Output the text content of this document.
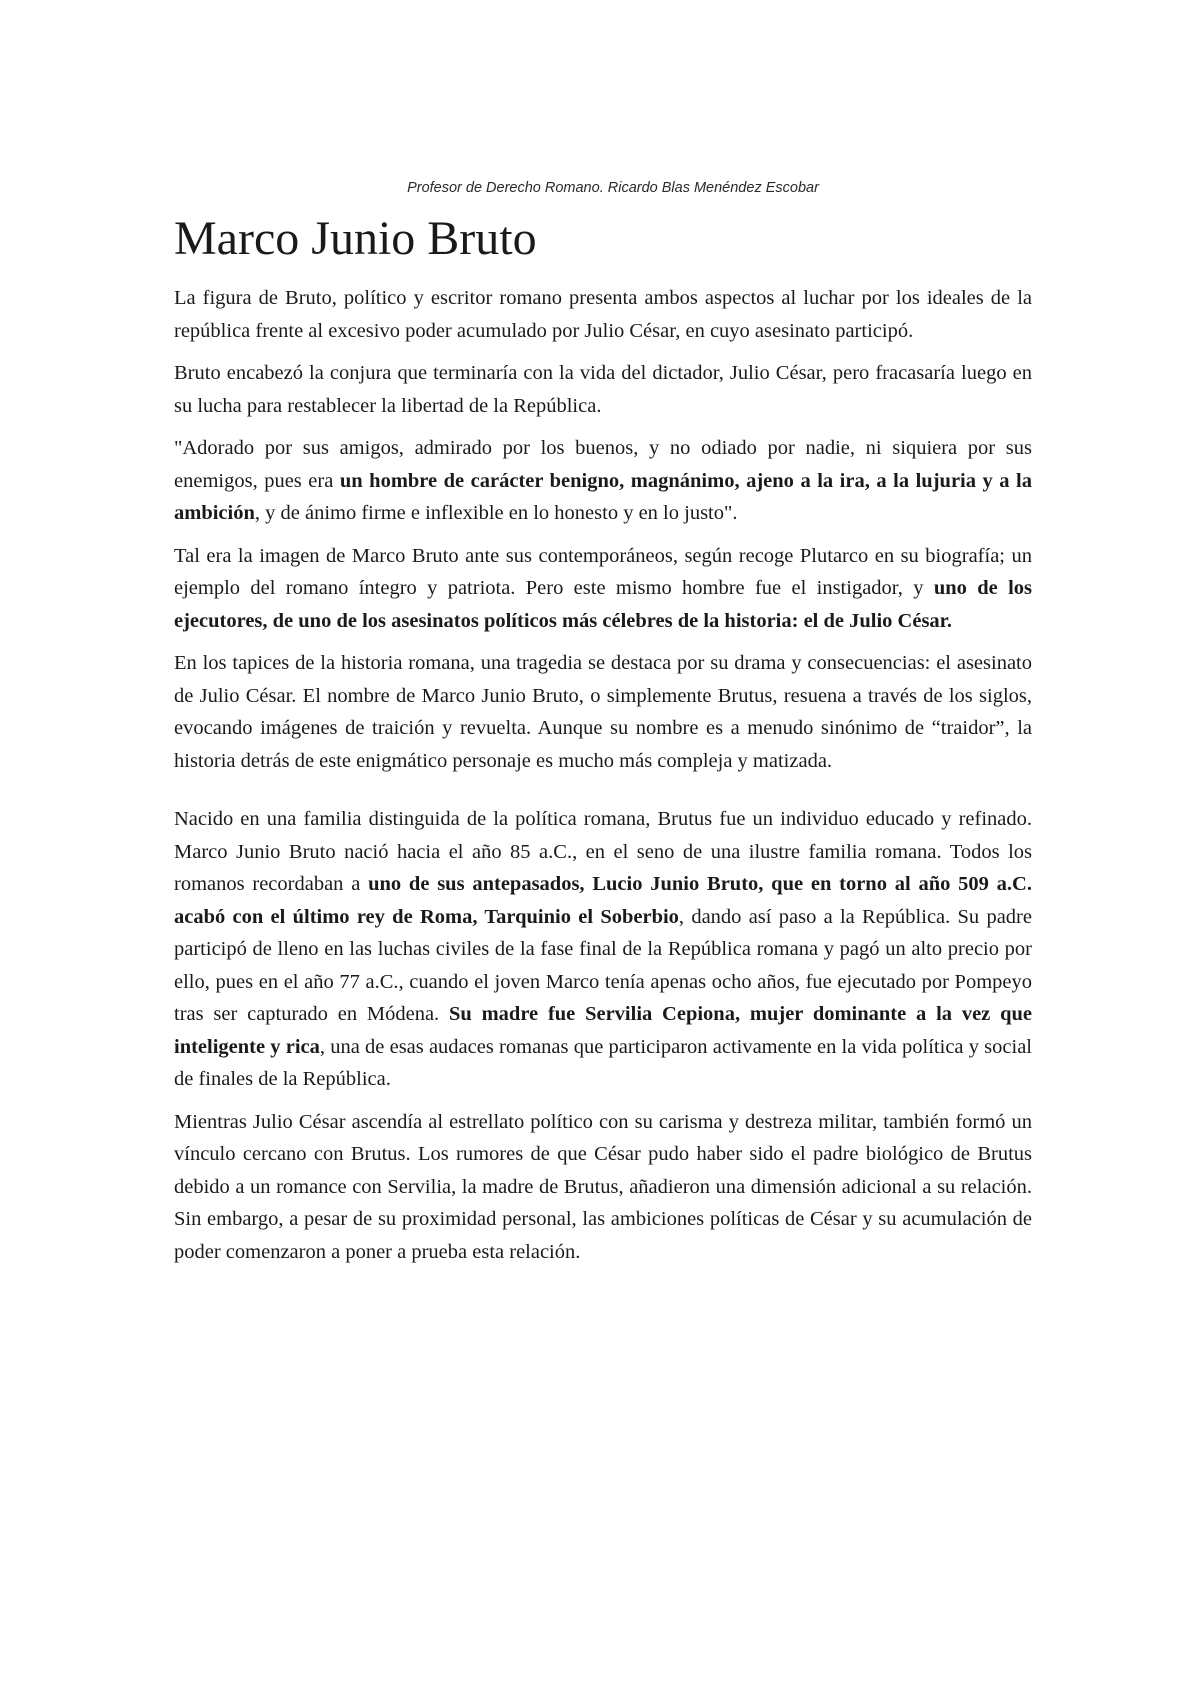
Profesor de Derecho Romano. Ricardo Blas Menéndez Escobar
Marco Junio Bruto

La figura de Bruto, político y escritor romano presenta ambos aspectos al luchar por los ideales de la república frente al excesivo poder acumulado por Julio César, en cuyo asesinato participó.

Bruto encabezó la conjura que terminaría con la vida del dictador, Julio César, pero fracasaría luego en su lucha para restablecer la libertad de la República.

"Adorado por sus amigos, admirado por los buenos, y no odiado por nadie, ni siquiera por sus enemigos, pues era un hombre de carácter benigno, magnánimo, ajeno a la ira, a la lujuria y a la ambición, y de ánimo firme e inflexible en lo honesto y en lo justo".

Tal era la imagen de Marco Bruto ante sus contemporáneos, según recoge Plutarco en su biografía; un ejemplo del romano íntegro y patriota. Pero este mismo hombre fue el instigador, y uno de los ejecutores, de uno de los asesinatos políticos más célebres de la historia: el de Julio César.

En los tapices de la historia romana, una tragedia se destaca por su drama y consecuencias: el asesinato de Julio César. El nombre de Marco Junio Bruto, o simplemente Brutus, resuena a través de los siglos, evocando imágenes de traición y revuelta. Aunque su nombre es a menudo sinónimo de “traidor”, la historia detrás de este enigmático personaje es mucho más compleja y matizada.

Nacido en una familia distinguida de la política romana, Brutus fue un individuo educado y refinado. Marco Junio Bruto nació hacia el año 85 a.C., en el seno de una ilustre familia romana. Todos los romanos recordaban a uno de sus antepasados, Lucio Junio Bruto, que en torno al año 509 a.C. acabó con el último rey de Roma, Tarquinio el Soberbio, dando así paso a la República. Su padre participó de lleno en las luchas civiles de la fase final de la República romana y pagó un alto precio por ello, pues en el año 77 a.C., cuando el joven Marco tenía apenas ocho años, fue ejecutado por Pompeyo tras ser capturado en Módena. Su madre fue Servilia Cepiona, mujer dominante a la vez que inteligente y rica, una de esas audaces romanas que participaron activamente en la vida política y social de finales de la República.

Mientras Julio César ascendía al estrellato político con su carisma y destreza militar, también formó un vínculo cercano con Brutus. Los rumores de que César pudo haber sido el padre biológico de Brutus debido a un romance con Servilia, la madre de Brutus, añadieron una dimensión adicional a su relación. Sin embargo, a pesar de su proximidad personal, las ambiciones políticas de César y su acumulación de poder comenzaron a poner a prueba esta relación.
